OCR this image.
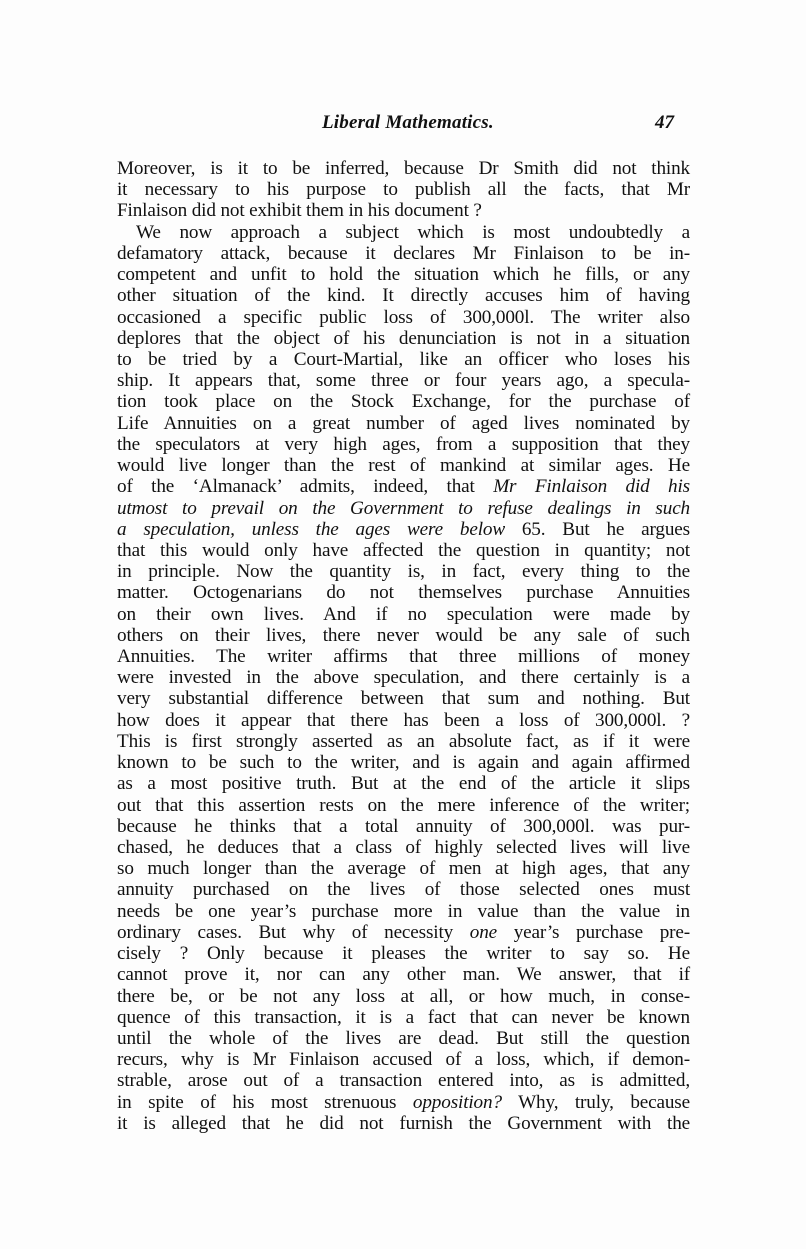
Liberal Mathematics.	47
Moreover, is it to be inferred, because Dr Smith did not think
it necessary to his purpose to publish all the facts, that Mr
Finlaison did not exhibit them in his document ?
We now approach a subject which is most undoubtedly a
defamatory attack, because it declares Mr Finlaison to be in-
competent and unfit to hold the situation which he fills, or any
other situation of the kind. It directly accuses him of having
occasioned a specific public loss of 300,000l. The writer also
deplores that the object of his denunciation is not in a situation
to be tried by a Court-Martial, like an officer who loses his
ship. It appears that, some three or four years ago, a specula-
tion took place on the Stock Exchange, for the purchase of
Life Annuities on a great number of aged lives nominated by
the speculators at very high ages, from a supposition that they
would live longer than the rest of mankind at similar ages. He
of the ‘Almanack’ admits, indeed, that Mr Finlaison did his
utmost to prevail on the Government to refuse dealings in such
a speculation, unless the ages were below 65. But he argues
that this would only have affected the question in quantity; not
in principle. Now the quantity is, in fact, every thing to the
matter. Octogenarians do not themselves purchase Annuities
on their own lives. And if no speculation were made by
others on their lives, there never would be any sale of such
Annuities. The writer affirms that three millions of money
were invested in the above speculation, and there certainly is a
very substantial difference between that sum and nothing. But
how does it appear that there has been a loss of 300,000l. ?
This is first strongly asserted as an absolute fact, as if it were
known to be such to the writer, and is again and again affirmed
as a most positive truth. But at the end of the article it slips
out that this assertion rests on the mere inference of the writer;
because he thinks that a total annuity of 300,000l. was pur-
chased, he deduces that a class of highly selected lives will live
so much longer than the average of men at high ages, that any
annuity purchased on the lives of those selected ones must
needs be one year’s purchase more in value than the value in
ordinary cases. But why of necessity one year’s purchase pre-
cisely ? Only because it pleases the writer to say so. He
cannot prove it, nor can any other man. We answer, that if
there be, or be not any loss at all, or how much, in conse-
quence of this transaction, it is a fact that can never be known
until the whole of the lives are dead. But still the question
recurs, why is Mr Finlaison accused of a loss, which, if demon-
strable, arose out of a transaction entered into, as is admitted,
in spite of his most strenuous opposition? Why, truly, because
it is alleged that he did not furnish the Government with the
